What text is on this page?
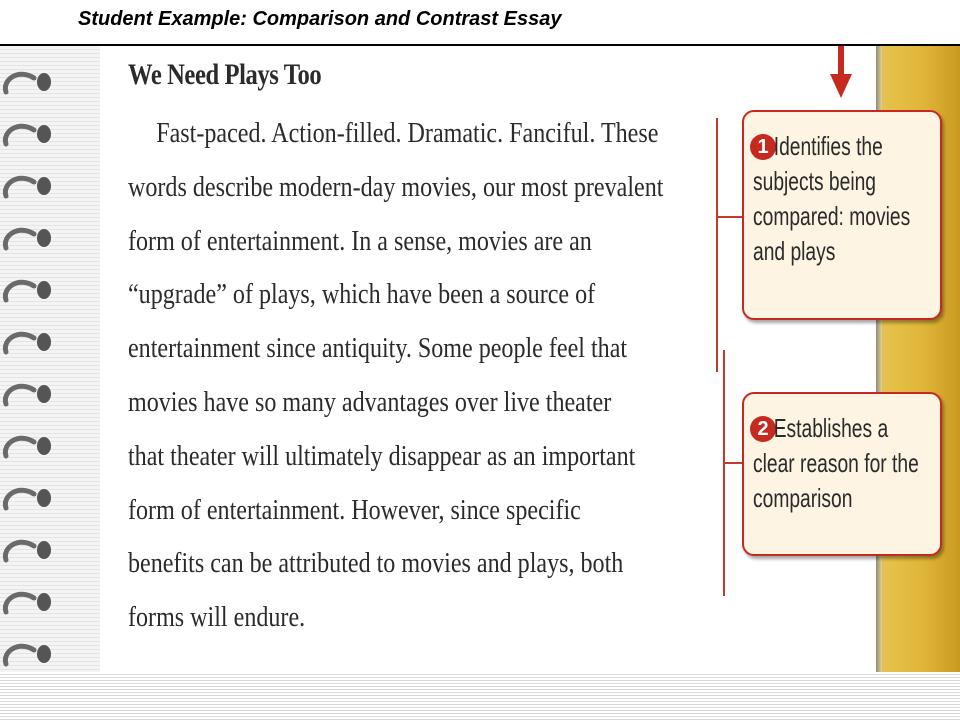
Student Example: Comparison and Contrast Essay
We Need Plays Too
Fast-paced. Action-filled. Dramatic. Fanciful. These
words describe modern-day movies, our most prevalent
form of entertainment. In a sense, movies are an
“upgrade” of plays, which have been a source of
entertainment since antiquity. Some people feel that
movies have so many advantages over live theater
that theater will ultimately disappear as an important
form of entertainment. However, since specific
benefits can be attributed to movies and plays, both
forms will endure.
1 Identifies the subjects being compared: movies and plays
2 Establishes a clear reason for the comparison
